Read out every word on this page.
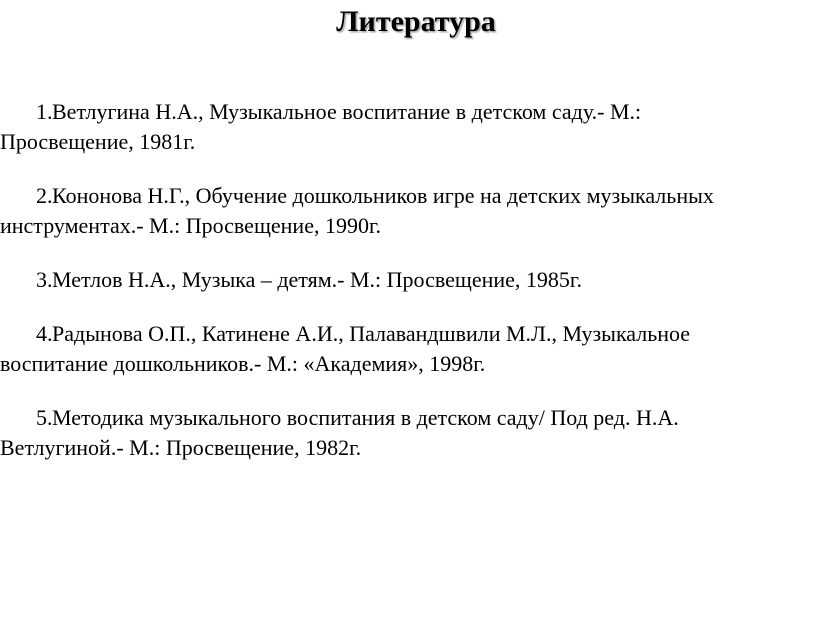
Литература
1.Ветлугина Н.А., Музыкальное воспитание в детском саду.- М.:
Просвещение, 1981г.
2.Кононова Н.Г., Обучение дошкольников игре на детских музыкальных
инструментах.- М.: Просвещение, 1990г.
3.Метлов Н.А., Музыка – детям.- М.: Просвещение, 1985г.
4.Радынова О.П., Катинене А.И., Палавандшвили М.Л., Музыкальное
воспитание дошкольников.- М.: «Академия», 1998г.
5.Методика музыкального воспитания в детском саду/ Под ред. Н.А.
Ветлугиной.- М.: Просвещение, 1982г.
